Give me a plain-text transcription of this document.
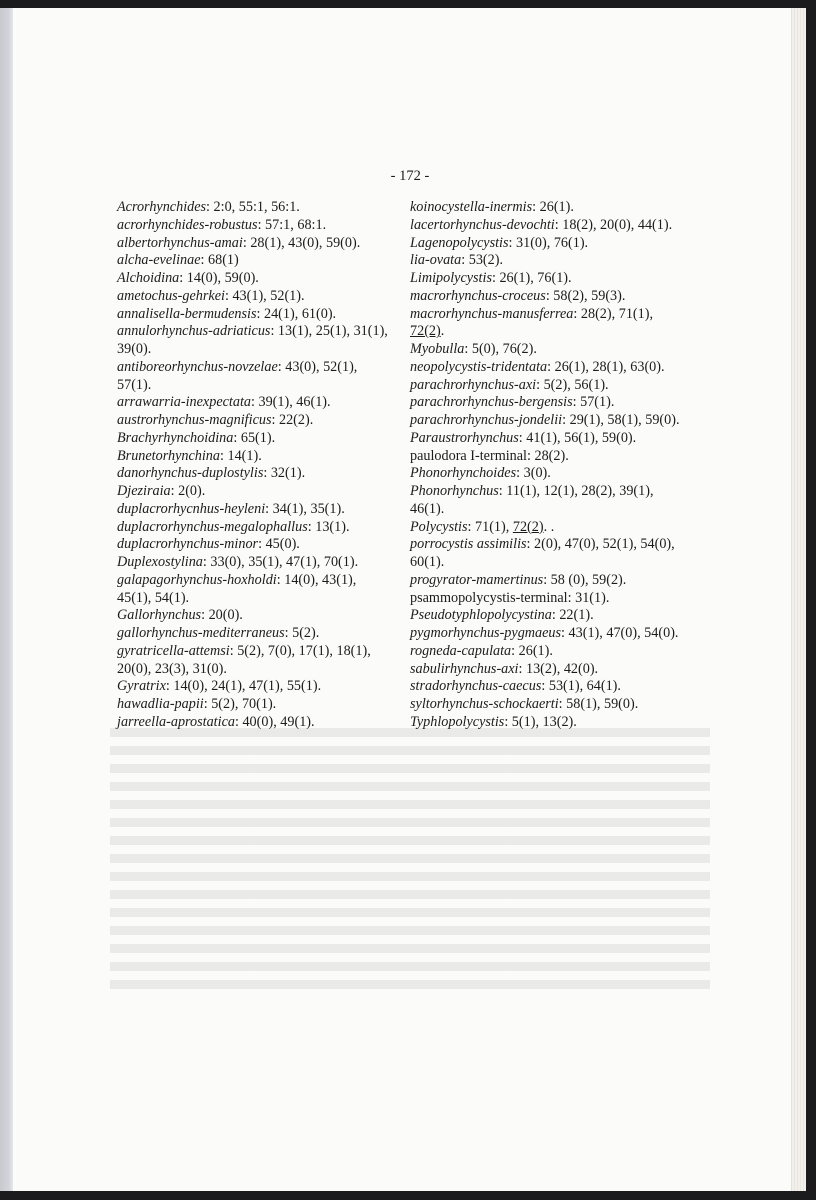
- 172 -
Acrorhynchides: 2:0, 55:1, 56:1.
acrorhynchides-robustus: 57:1, 68:1.
albertorhynchus-amai: 28(1), 43(0), 59(0).
alcha-evelinae: 68(1)
Alchoidina: 14(0), 59(0).
ametochus-gehrkei: 43(1), 52(1).
annalisella-bermudensis: 24(1), 61(0).
annulorhynchus-adriaticus: 13(1), 25(1), 31(1),
39(0).
antiboreorhynchus-novzelae: 43(0), 52(1),
57(1).
arrawarria-inexpectata: 39(1), 46(1).
austrorhynchus-magnificus: 22(2).
Brachyrhynchoidina: 65(1).
Brunetorhynchina: 14(1).
danorhynchus-duplostylis: 32(1).
Djeziraia: 2(0).
duplacrorhycnhus-heyleni: 34(1), 35(1).
duplacrorhynchus-megalophallus: 13(1).
duplacrorhynchus-minor: 45(0).
Duplexostylina: 33(0), 35(1), 47(1), 70(1).
galapagorhynchus-hoxholdi: 14(0), 43(1),
45(1), 54(1).
Gallorhynchus: 20(0).
gallorhynchus-mediterraneus: 5(2).
gyratricella-attemsi: 5(2), 7(0), 17(1), 18(1),
20(0), 23(3), 31(0).
Gyratrix: 14(0), 24(1), 47(1), 55(1).
hawadlia-papii: 5(2), 70(1).
jarreella-aprostatica: 40(0), 49(1).
koinocystella-inermis: 26(1).
lacertorhynchus-devochti: 18(2), 20(0), 44(1).
Lagenopolycystis: 31(0), 76(1).
lia-ovata: 53(2).
Limipolycystis: 26(1), 76(1).
macrorhynchus-croceus: 58(2), 59(3).
macrorhynchus-manusferrea: 28(2), 71(1),
72(2).
Myobulla: 5(0), 76(2).
neopolycystis-tridentata: 26(1), 28(1), 63(0).
parachrorhynchus-axi: 5(2), 56(1).
parachrorhynchus-bergensis: 57(1).
parachrorhynchus-jondelii: 29(1), 58(1), 59(0).
Paraustrorhynchus: 41(1), 56(1), 59(0).
paulodora I-terminal: 28(2).
Phonorhynchoides: 3(0).
Phonorhynchus: 11(1), 12(1), 28(2), 39(1),
46(1).
Polycystis: 71(1), 72(2). .
porrocystis assimilis: 2(0), 47(0), 52(1), 54(0),
60(1).
progyrator-mamertinus: 58 (0), 59(2).
psammopolycystis-terminal: 31(1).
Pseudotyphlopolycystina: 22(1).
pygmorhynchus-pygmaeus: 43(1), 47(0), 54(0).
rogneda-capulata: 26(1).
sabulirhynchus-axi: 13(2), 42(0).
stradorhynchus-caecus: 53(1), 64(1).
syltorhynchus-schockaerti: 58(1), 59(0).
Typhlopolycystis: 5(1), 13(2).
